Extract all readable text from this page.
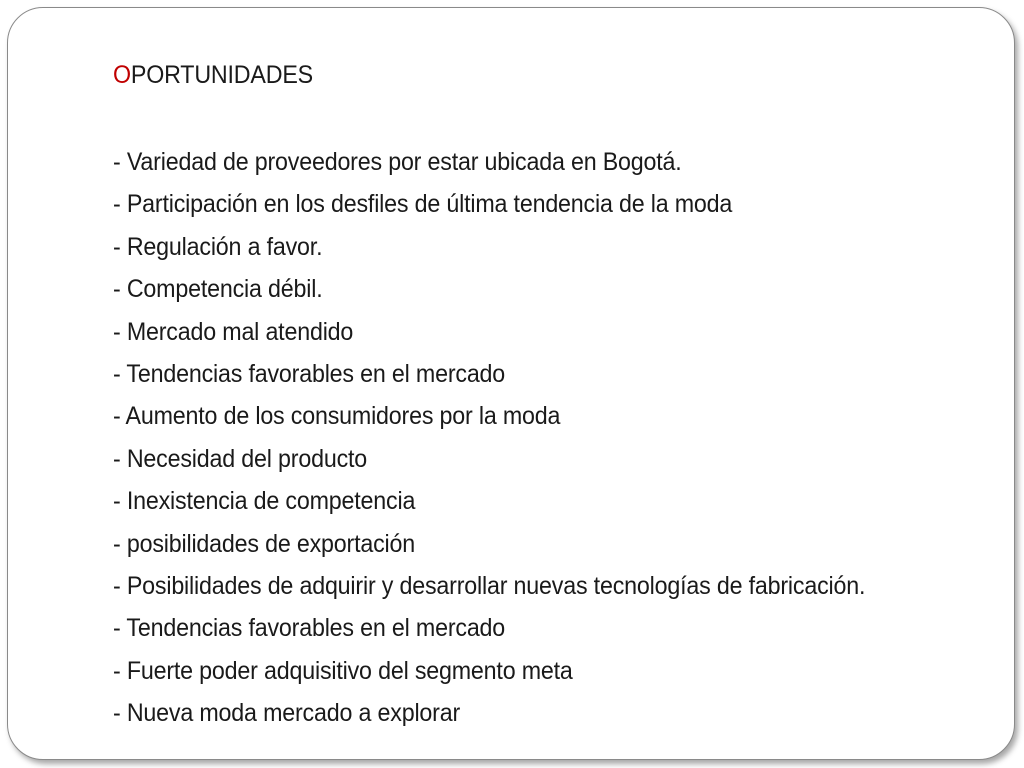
OPORTUNIDADES
- Variedad de proveedores por estar ubicada en Bogotá.
- Participación en los desfiles de última tendencia de la moda
- Regulación a favor.
- Competencia débil.
- Mercado mal atendido
- Tendencias favorables en el mercado
- Aumento de los consumidores por la moda
- Necesidad del producto
- Inexistencia de competencia
- posibilidades de exportación
- Posibilidades de adquirir y desarrollar nuevas tecnologías de fabricación.
- Tendencias favorables en el mercado
- Fuerte poder adquisitivo del segmento meta
- Nueva moda mercado a explorar
